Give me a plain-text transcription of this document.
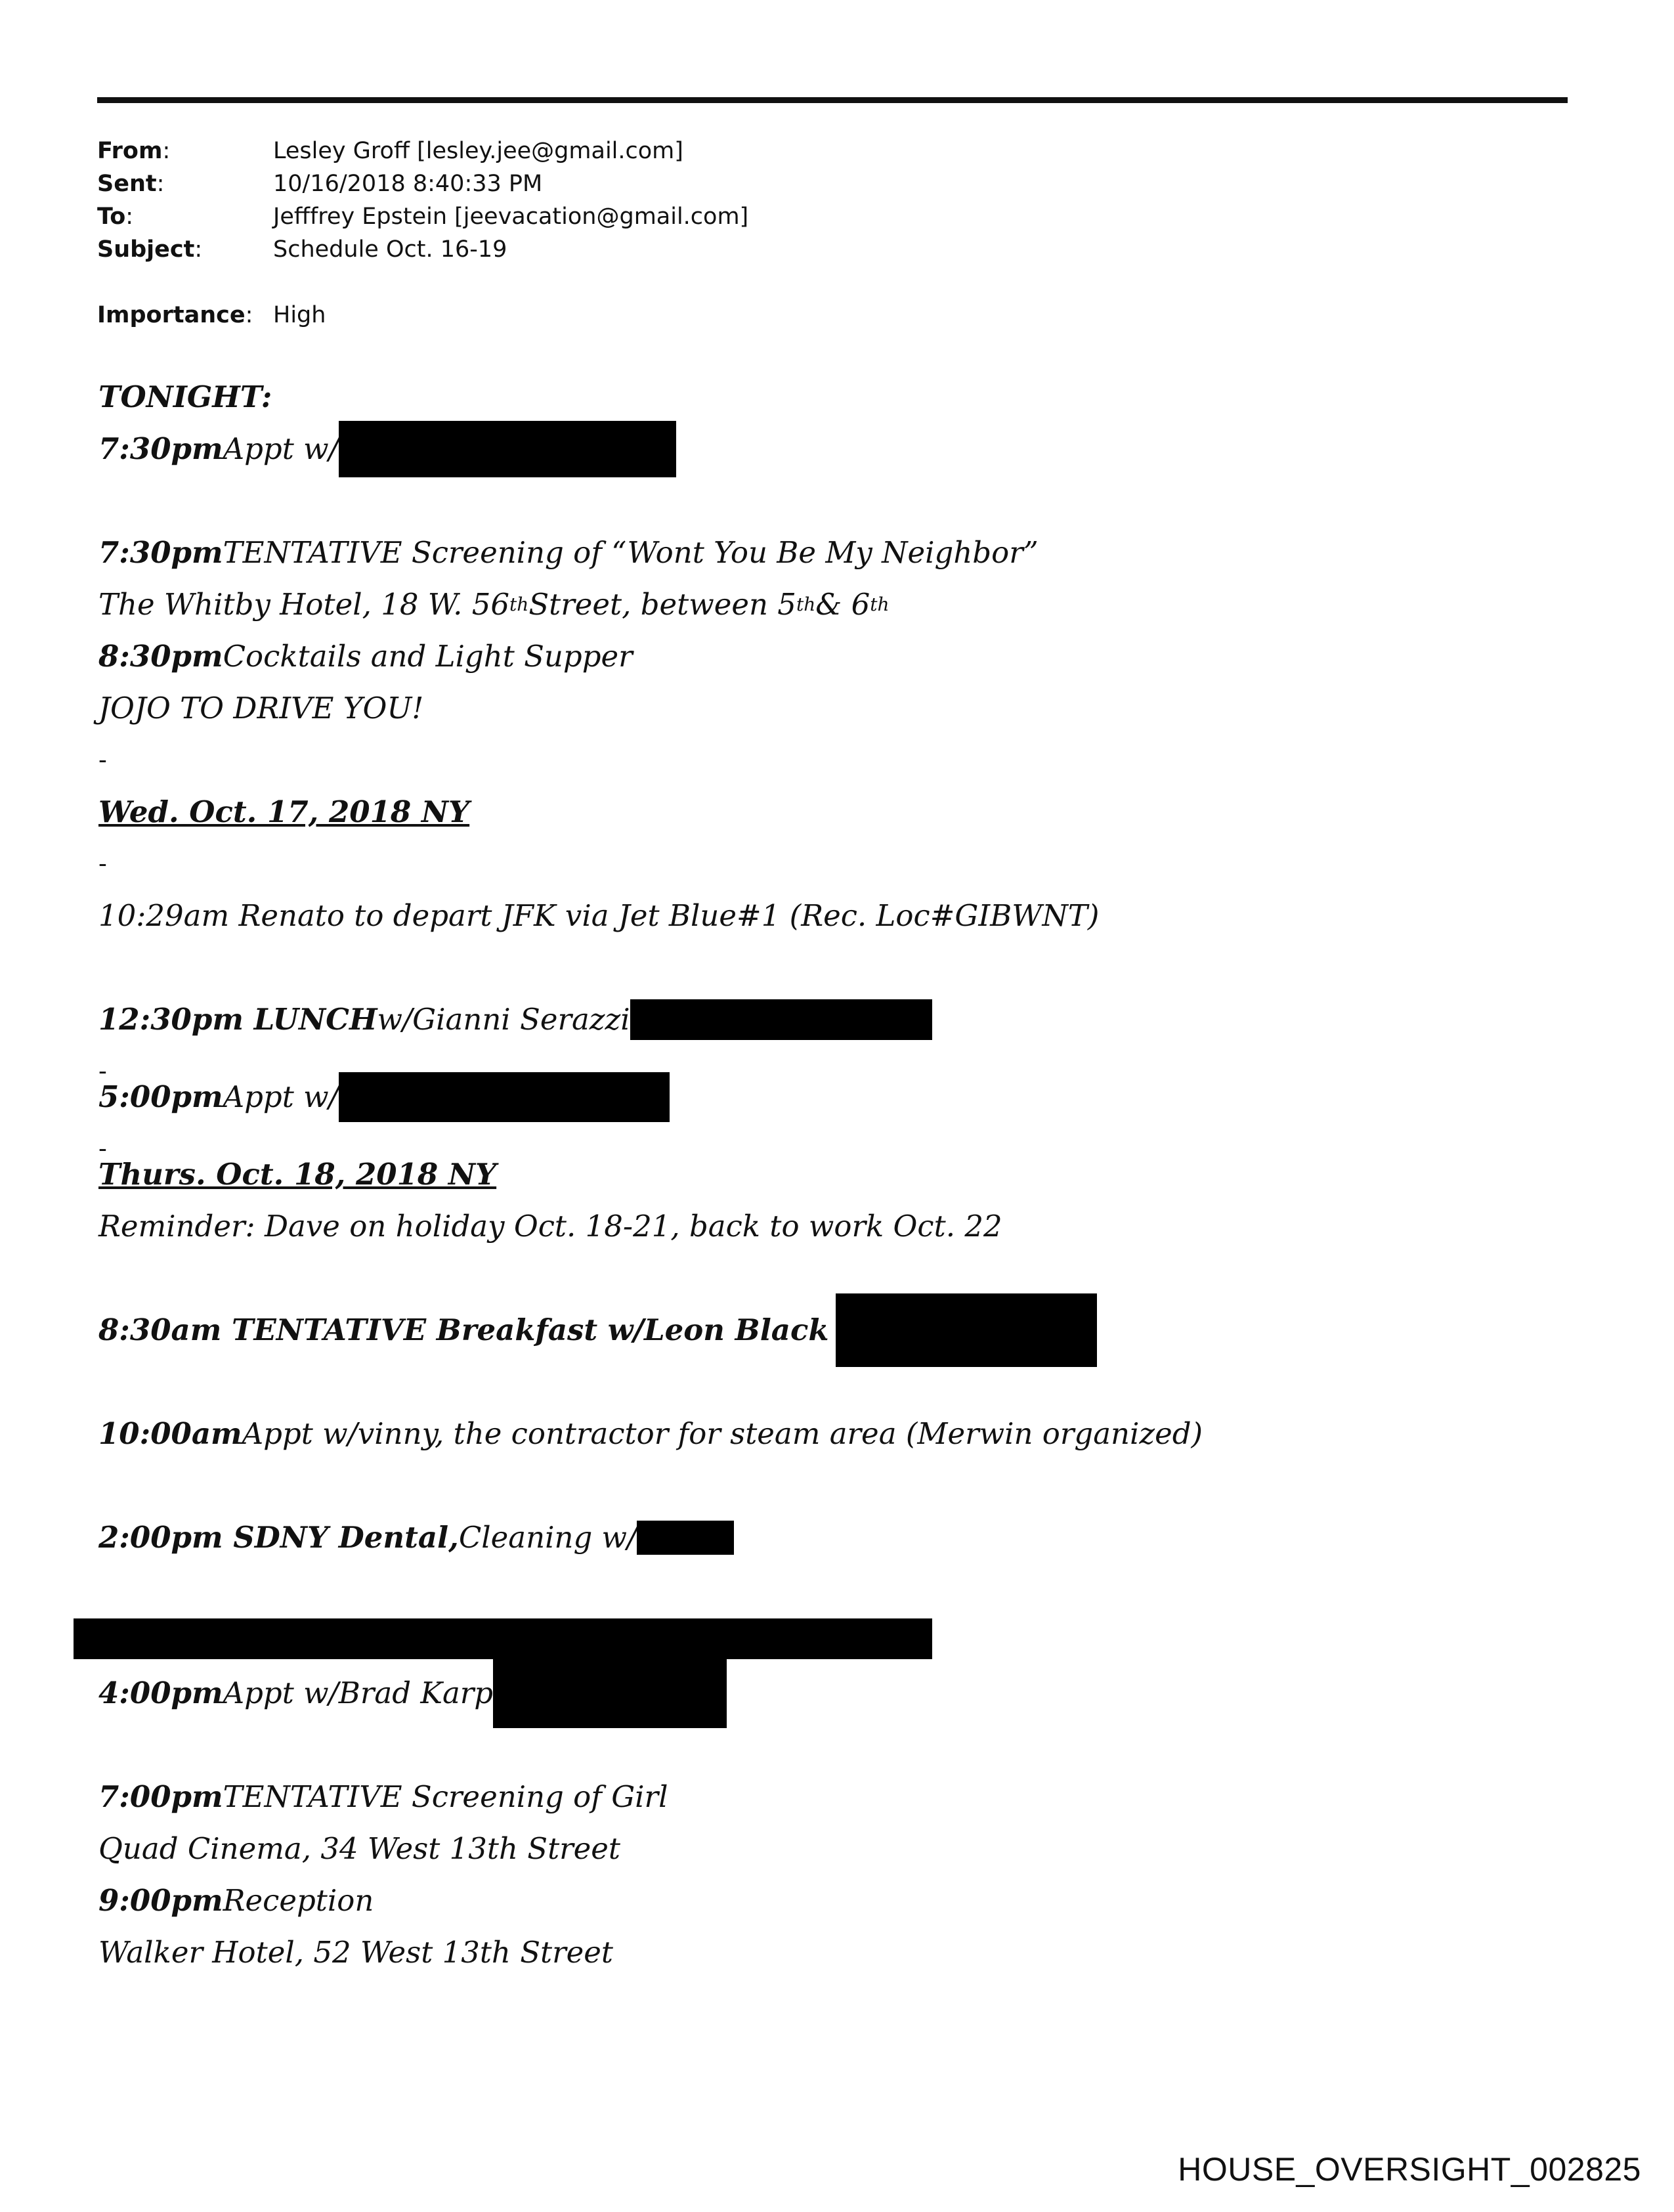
From:	Lesley Groff [lesley.jee@gmail.com]
Sent:	10/16/2018 8:40:33 PM
To:	Jefffrey Epstein [jeevacation@gmail.com]
Subject:	Schedule Oct. 16-19
Importance: High
TONIGHT:
7:30pm Appt w/
7:30pm TENTATIVE Screening of “Wont You Be My Neighbor”
The Whitby Hotel, 18 W. 56 th Street, between 5 th & 6 th
8:30pm Cocktails and Light Supper
JOJO TO DRIVE YOU!
-
Wed. Oct. 17, 2018 NY
-
10:29am Renato to depart JFK via Jet Blue#1 (Rec. Loc#GIBWNT)
12:30pm LUNCH w/Gianni Serazzi
-
5:00pm Appt w/
-
Thurs. Oct. 18, 2018 NY
Reminder: Dave on holiday Oct. 18-21, back to work Oct. 22
8:30am TENTATIVE Breakfast w/Leon Black
10:00am Appt w/vinny, the contractor for steam area (Merwin organized)
2:00pm SDNY Dental, Cleaning w/
4:00pm Appt w/Brad Karp
7:00pm TENTATIVE Screening of Girl
Quad Cinema, 34 West 13th Street
9:00pm Reception
Walker Hotel, 52 West 13th Street
HOUSE_OVERSIGHT_002825
